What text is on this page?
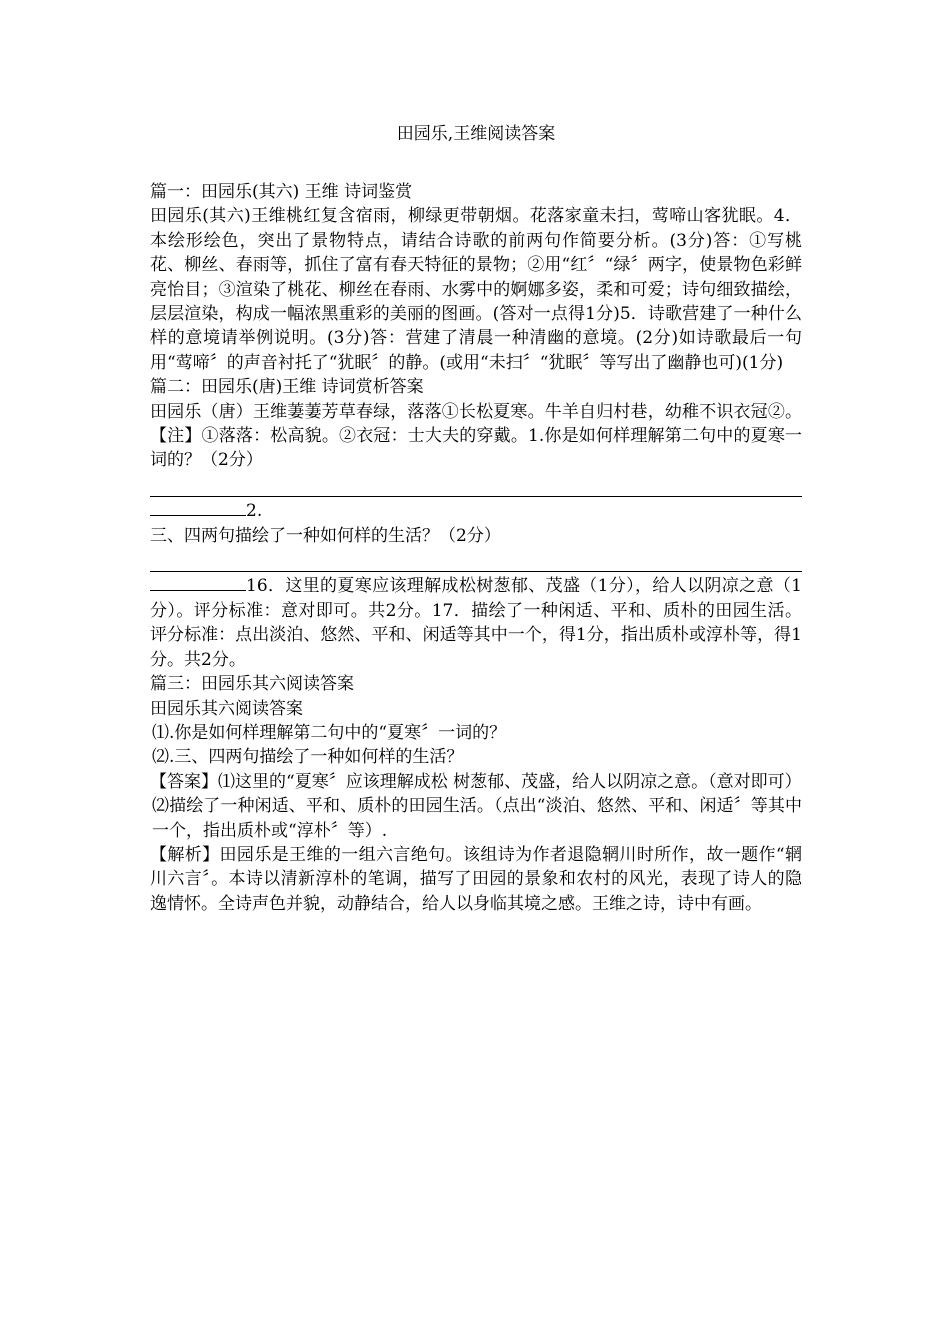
田园乐,王维阅读答案

篇一：田园乐(其六) 王维 诗词鉴赏

田园乐(其六)王维桃红复含宿雨，柳绿更带朝烟。花落家童未扫，莺啼山客犹眠。4．本绘形绘色，突出了景物特点，请结合诗歌的前两句作简要分析。(3分)答：①写桃花、柳丝、春雨等，抓住了富有春天特征的景物；②用“红〞“绿〞两字，使景物色彩鲜亮怡目；③渲染了桃花、柳丝在春雨、水雾中的婀娜多姿，柔和可爱；诗句细致描绘，层层渲染，构成一幅浓黑重彩的美丽的图画。(答对一点得1分)5．诗歌营建了一种什么样的意境请举例说明。(3分)答：营建了清晨一种清幽的意境。(2分)如诗歌最后一句用“莺啼〞的声音衬托了“犹眠〞的静。(或用“未扫〞“犹眠〞等写出了幽静也可)(1分)

篇二：田园乐(唐)王维 诗词赏析答案

田园乐（唐）王维萋萋芳草春绿，落落①长松夏寒。牛羊自归村巷，幼稚不识衣冠②。【注】①落落：松高貌。②衣冠：士大夫的穿戴。1.你是如何样理解第二句中的夏寒一词的？（2分）

2.

三、四两句描绘了一种如何样的生活？（2分）

16．这里的夏寒应该理解成松树葱郁、茂盛（1分），给人以阴凉之意（1分）。评分标准：意对即可。共2分。17．描绘了一种闲适、平和、质朴的田园生活。评分标准：点出淡泊、悠然、平和、闲适等其中一个，得1分，指出质朴或淳朴等，得1分。共2分。

篇三：田园乐其六阅读答案

田园乐其六阅读答案

⑴.你是如何样理解第二句中的“夏寒〞一词的？

⑵.三、四两句描绘了一种如何样的生活？

【答案】⑴这里的“夏寒〞应该理解成松 树葱郁、茂盛，给人以阴凉之意。（意对即可）

⑵描绘了一种闲适、平和、质朴的田园生活。（点出“淡泊、悠然、平和、闲适〞等其中一个，指出质朴或“淳朴〞等）.

【解析】田园乐是王维的一组六言绝句。该组诗为作者退隐辋川时所作，故一题作“辋川六言〞。本诗以清新淳朴的笔调，描写了田园的景象和农村的风光，表现了诗人的隐逸情怀。全诗声色并貌，动静结合，给人以身临其境之感。王维之诗，诗中有画。
